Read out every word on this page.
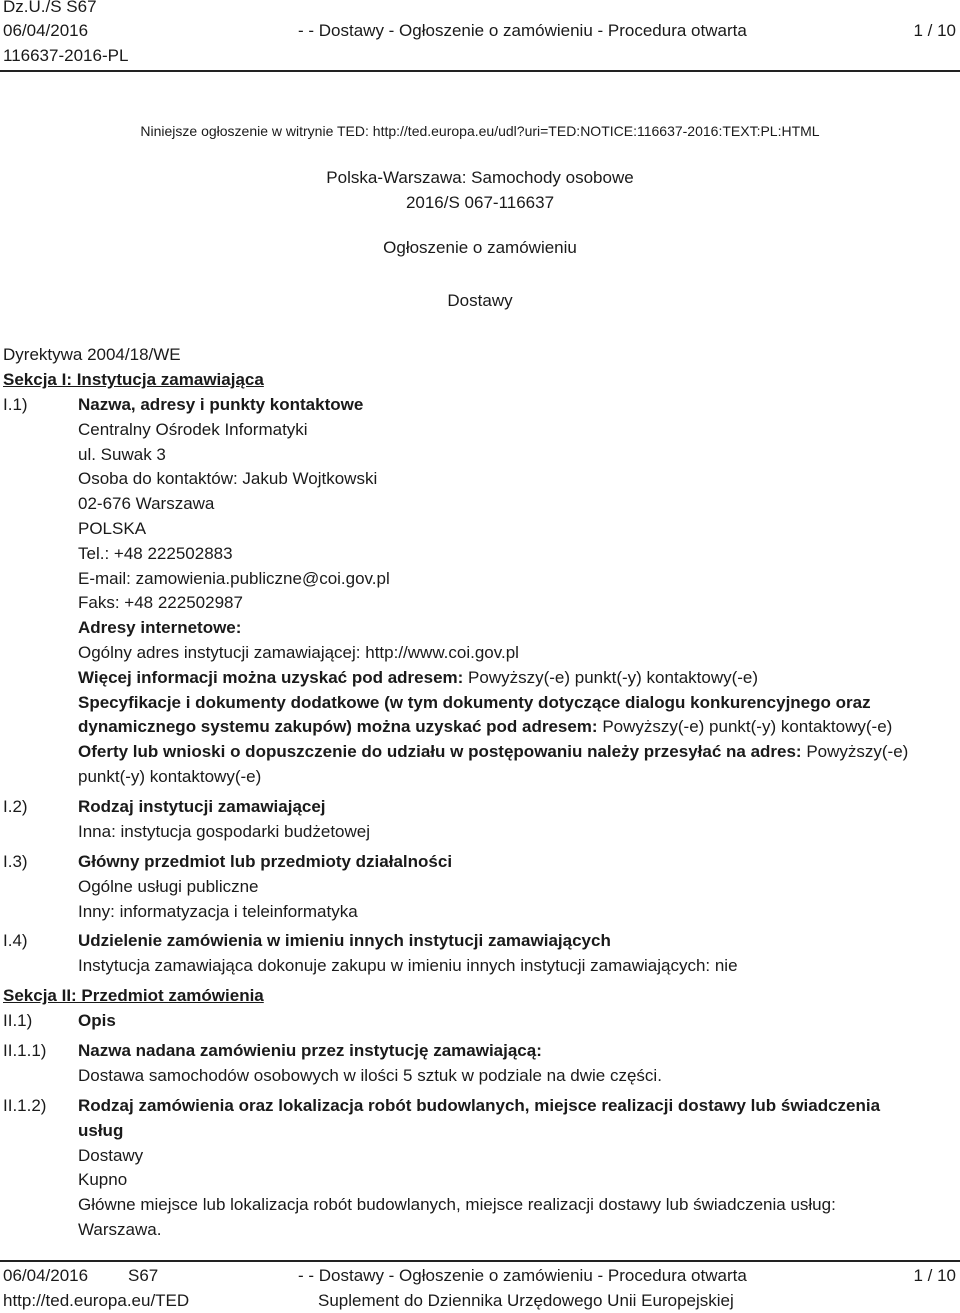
Dz.U./S S67
06/04/2016
116637-2016-PL
- - Dostawy - Ogłoszenie o zamówieniu - Procedura otwarta	1 / 10
Niniejsze ogłoszenie w witrynie TED: http://ted.europa.eu/udl?uri=TED:NOTICE:116637-2016:TEXT:PL:HTML
Polska-Warszawa: Samochody osobowe
2016/S 067-116637
Ogłoszenie o zamówieniu
Dostawy
Dyrektywa 2004/18/WE
Sekcja I: Instytucja zamawiająca
I.1)	Nazwa, adresy i punkty kontaktowe
Centralny Ośrodek Informatyki
ul. Suwak 3
Osoba do kontaktów: Jakub Wojtkowski
02-676 Warszawa
POLSKA
Tel.: +48 222502883
E-mail: zamowienia.publiczne@coi.gov.pl
Faks: +48 222502987
Adresy internetowe:
Ogólny adres instytucji zamawiającej: http://www.coi.gov.pl
Więcej informacji można uzyskać pod adresem: Powyższy(-e) punkt(-y) kontaktowy(-e)
Specyfikacje i dokumenty dodatkowe (w tym dokumenty dotyczące dialogu konkurencyjnego oraz
dynamicznego systemu zakupów) można uzyskać pod adresem: Powyższy(-e) punkt(-y) kontaktowy(-e)
Oferty lub wnioski o dopuszczenie do udziału w postępowaniu należy przesyłać na adres: Powyższy(-e)
punkt(-y) kontaktowy(-e)
I.2)	Rodzaj instytucji zamawiającej
Inna: instytucja gospodarki budżetowej
I.3)	Główny przedmiot lub przedmioty działalności
Ogólne usługi publiczne
Inny: informatyzacja i teleinformatyka
I.4)	Udzielenie zamówienia w imieniu innych instytucji zamawiających
Instytucja zamawiająca dokonuje zakupu w imieniu innych instytucji zamawiających: nie
Sekcja II: Przedmiot zamówienia
II.1)	Opis
II.1.1) Nazwa nadana zamówieniu przez instytucję zamawiającą:
Dostawa samochodów osobowych w ilości 5 sztuk w podziale na dwie części.
II.1.2) Rodzaj zamówienia oraz lokalizacja robót budowlanych, miejsce realizacji dostawy lub świadczenia
usług
Dostawy
Kupno
Główne miejsce lub lokalizacja robót budowlanych, miejsce realizacji dostawy lub świadczenia usług:
Warszawa.
06/04/2016 S67
http://ted.europa.eu/TED
- - Dostawy - Ogłoszenie o zamówieniu - Procedura otwarta
Suplement do Dziennika Urzędowego Unii Europejskiej
1 / 10
